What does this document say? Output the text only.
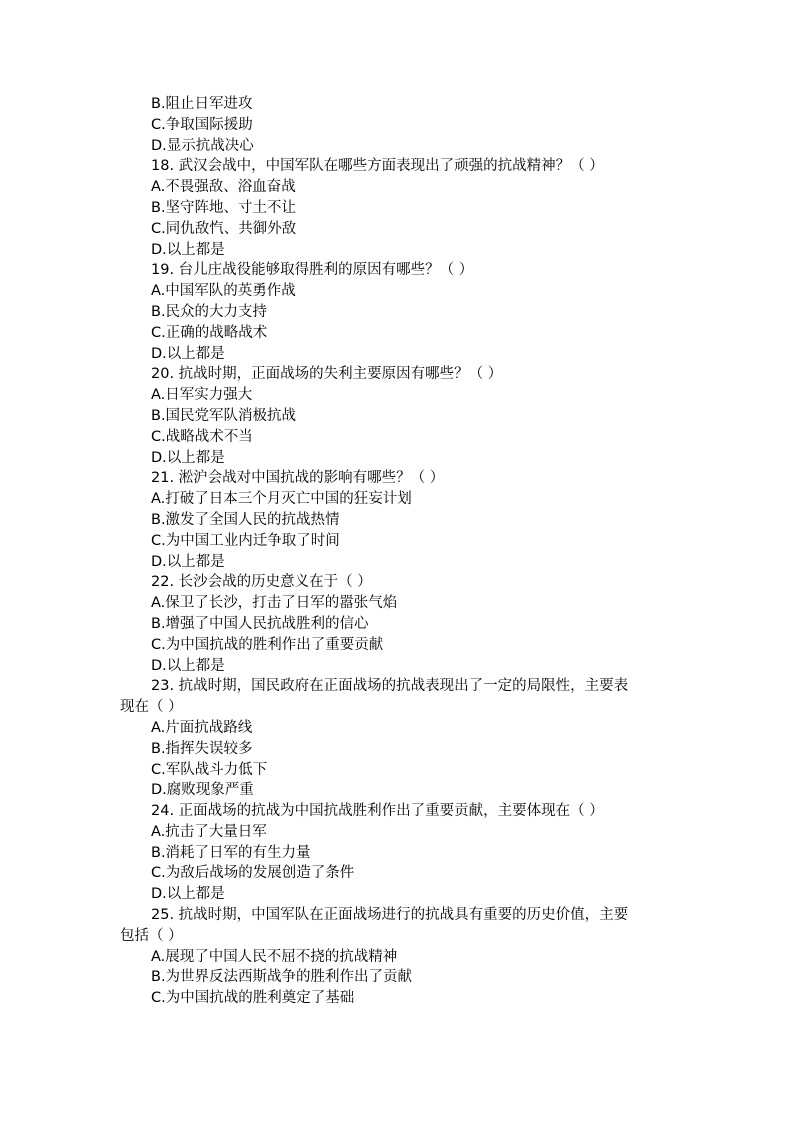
B.阻止日军进攻
C.争取国际援助
D.显示抗战决心
18. 武汉会战中，中国军队在哪些方面表现出了顽强的抗战精神？（ ）
A.不畏强敌、浴血奋战
B.坚守阵地、寸土不让
C.同仇敌忾、共御外敌
D.以上都是
19. 台儿庄战役能够取得胜利的原因有哪些？（ ）
A.中国军队的英勇作战
B.民众的大力支持
C.正确的战略战术
D.以上都是
20. 抗战时期，正面战场的失利主要原因有哪些？（ ）
A.日军实力强大
B.国民党军队消极抗战
C.战略战术不当
D.以上都是
21. 淞沪会战对中国抗战的影响有哪些？（ ）
A.打破了日本三个月灭亡中国的狂妄计划
B.激发了全国人民的抗战热情
C.为中国工业内迁争取了时间
D.以上都是
22. 长沙会战的历史意义在于（ ）
A.保卫了长沙，打击了日军的嚣张气焰
B.增强了中国人民抗战胜利的信心
C.为中国抗战的胜利作出了重要贡献
D.以上都是
23. 抗战时期，国民政府在正面战场的抗战表现出了一定的局限性，主要表
现在（ ）
A.片面抗战路线
B.指挥失误较多
C.军队战斗力低下
D.腐败现象严重
24. 正面战场的抗战为中国抗战胜利作出了重要贡献，主要体现在（ ）
A.抗击了大量日军
B.消耗了日军的有生力量
C.为敌后战场的发展创造了条件
D.以上都是
25. 抗战时期，中国军队在正面战场进行的抗战具有重要的历史价值，主要
包括（ ）
A.展现了中国人民不屈不挠的抗战精神
B.为世界反法西斯战争的胜利作出了贡献
C.为中国抗战的胜利奠定了基础
